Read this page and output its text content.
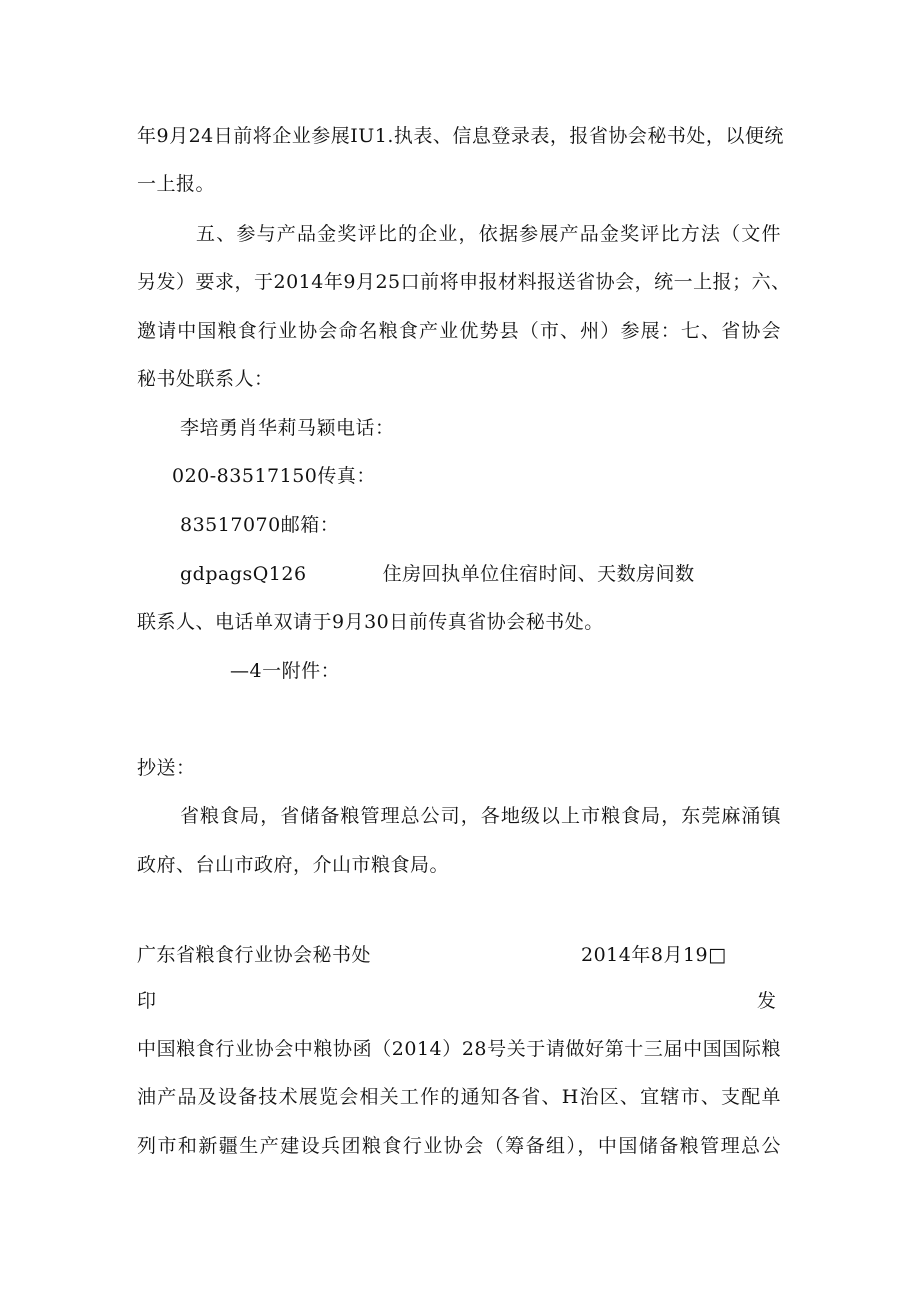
年9月24日前将企业参展IU1.执表、信息登录表，报省协会秘书处，以便统
一上报。
五、参与产品金奖评比的企业，依据参展产品金奖评比方法（文件
另发）要求，于2014年9月25口前将申报材料报送省协会，统一上报；六、
邀请中国粮食行业协会命名粮食产业优势县（市、州）参展：七、省协会
秘书处联系人：
李培勇肖华莉马颖电话：
020-83517150传真：
83517070邮箱：
gdpagsQ126	住房回执单位住宿时间、天数房间数
联系人、电话单双请于9月30日前传真省协会秘书处。
—4一附件：
抄送：
省粮食局，省储备粮管理总公司，各地级以上市粮食局，东莞麻涌镇
政府、台山市政府，介山市粮食局。
广东省粮食行业协会秘书处	2014年8月19□
印	发
中国粮食行业协会中粮协函（2014）28号关于请做好第十三届中国国际粮
油产品及设备技术展览会相关工作的通知各省、H治区、宜辖市、支配单
列市和新疆生产建设兵团粮食行业协会（筹备组），中国储备粮管理总公
